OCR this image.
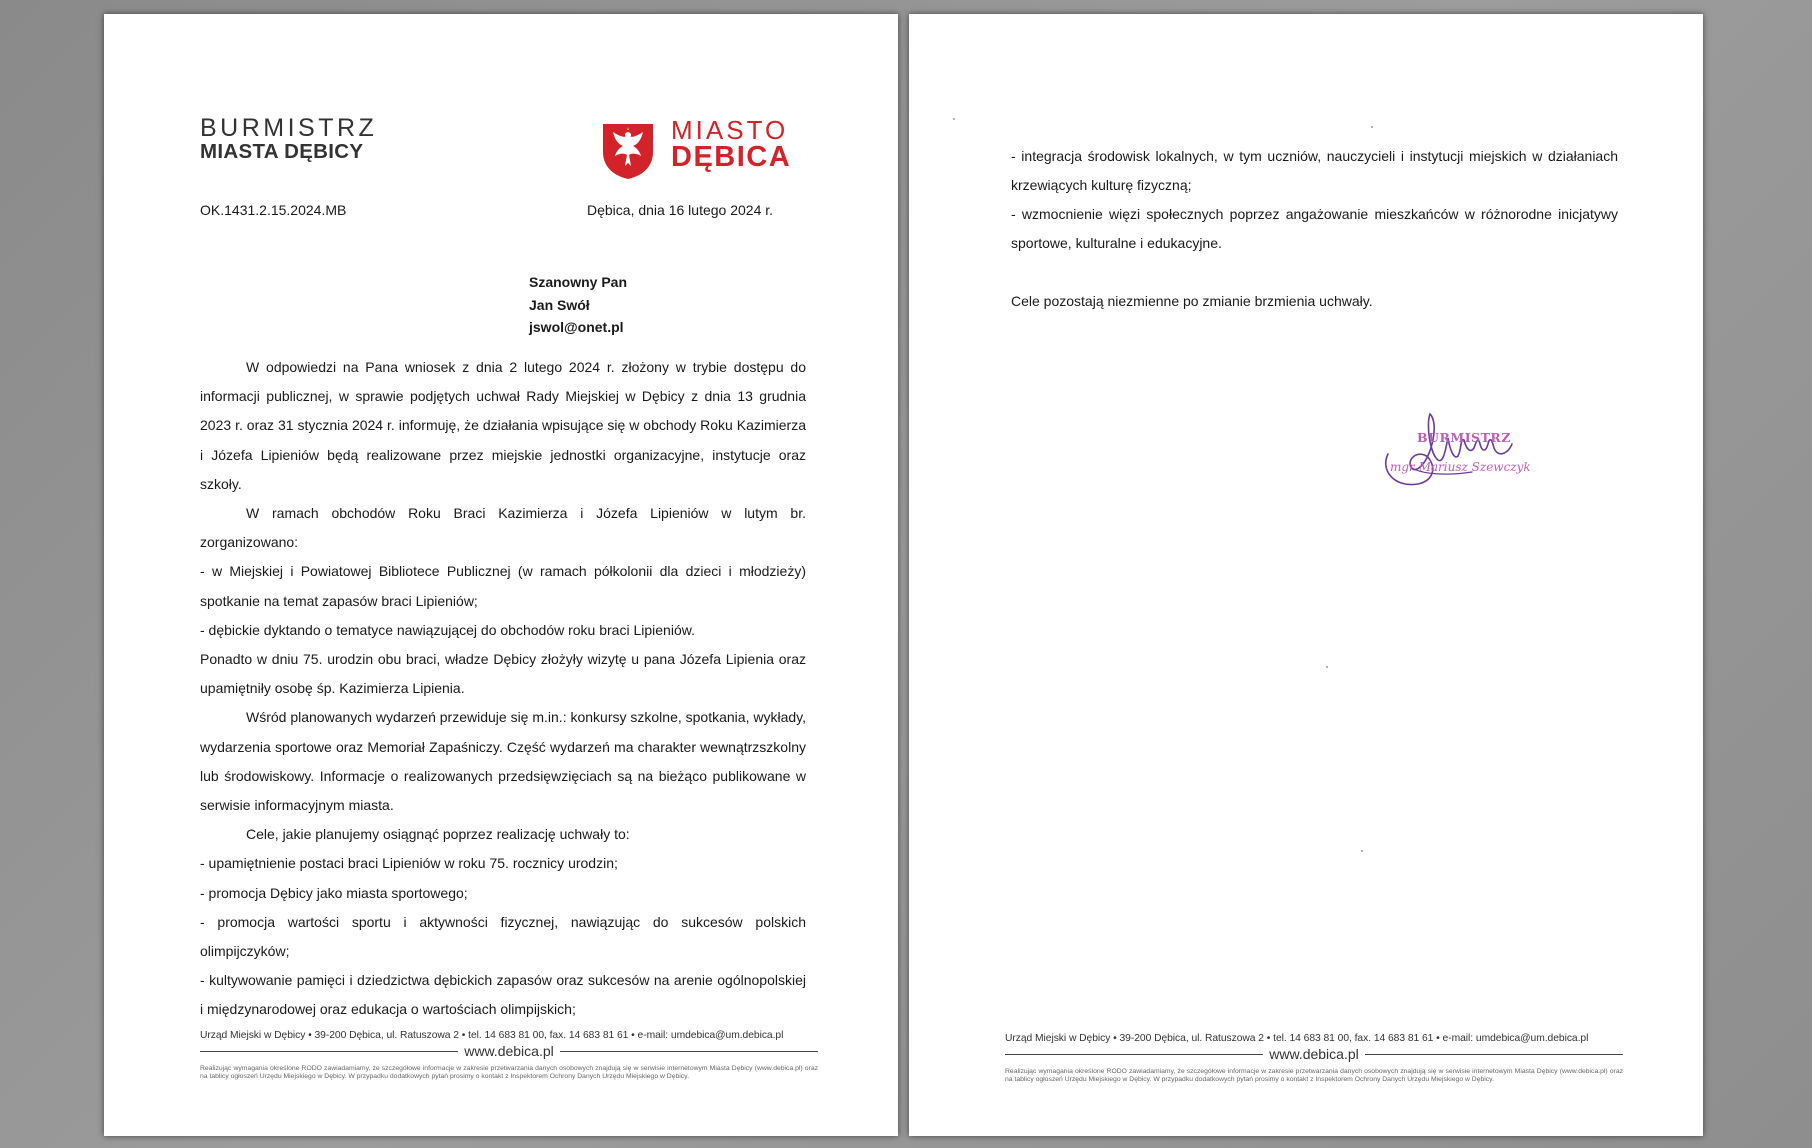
BURMISTRZ
MIASTA DĘBICY
MIASTO
DĘBICA
OK.1431.2.15.2024.MB	Dębica, dnia 16 lutego 2024 r.
Szanowny Pan
Jan Swół
jswol@onet.pl

W odpowiedzi na Pana wniosek z dnia 2 lutego 2024 r. złożony w trybie dostępu do informacji publicznej, w sprawie podjętych uchwał Rady Miejskiej w Dębicy z dnia 13 grudnia 2023 r. oraz 31 stycznia 2024 r. informuję, że działania wpisujące się w obchody Roku Kazimierza i Józefa Lipieniów będą realizowane przez miejskie jednostki organizacyjne, instytucje oraz szkoły.

W ramach obchodów Roku Braci Kazimierza i Józefa Lipieniów w lutym br. zorganizowano:

- w Miejskiej i Powiatowej Bibliotece Publicznej (w ramach półkolonii dla dzieci i młodzieży) spotkanie na temat zapasów braci Lipieniów;

- dębickie dyktando o tematyce nawiązującej do obchodów roku braci Lipieniów.

Ponadto w dniu 75. urodzin obu braci, władze Dębicy złożyły wizytę u pana Józefa Lipienia oraz upamiętniły osobę śp. Kazimierza Lipienia.

Wśród planowanych wydarzeń przewiduje się m.in.: konkursy szkolne, spotkania, wykłady, wydarzenia sportowe oraz Memoriał Zapaśniczy. Część wydarzeń ma charakter wewnątrzszkolny lub środowiskowy. Informacje o realizowanych przedsięwzięciach są na bieżąco publikowane w serwisie informacyjnym miasta.

Cele, jakie planujemy osiągnąć poprzez realizację uchwały to:

- upamiętnienie postaci braci Lipieniów w roku 75. rocznicy urodzin;

- promocja Dębicy jako miasta sportowego;

- promocja wartości sportu i aktywności fizycznej, nawiązując do sukcesów polskich olimpijczyków;

- kultywowanie pamięci i dziedzictwa dębickich zapasów oraz sukcesów na arenie ogólnopolskiej i międzynarodowej oraz edukacja o wartościach olimpijskich;

Urząd Miejski w Dębicy • 39-200 Dębica, ul. Ratuszowa 2 • tel. 14 683 81 00, fax. 14 683 81 61 • e-mail: umdebica@um.debica.pl
www.debica.pl
Realizując wymagania określone RODO zawiadamiamy, że szczegółowe informacje w zakresie przetwarzania danych osobowych znajdują się w serwisie internetowym Miasta Dębicy (www.debica.pl) oraz na tablicy ogłoszeń Urzędu Miejskiego w Dębicy. W przypadku dodatkowych pytań prosimy o kontakt z Inspektorem Ochrony Danych Urzędu Miejskiego w Dębicy.

- integracja środowisk lokalnych, w tym uczniów, nauczycieli i instytucji miejskich w działaniach krzewiących kulturę fizyczną;

- wzmocnienie więzi społecznych poprzez angażowanie mieszkańców w różnorodne inicjatywy sportowe, kulturalne i edukacyjne.

Cele pozostają niezmienne po zmianie brzmienia uchwały.

BURMISTRZ
mgr Mariusz Szewczyk
Urząd Miejski w Dębicy • 39-200 Dębica, ul. Ratuszowa 2 • tel. 14 683 81 00, fax. 14 683 81 61 • e-mail: umdebica@um.debica.pl
www.debica.pl
Realizując wymagania określone RODO zawiadamiamy, że szczegółowe informacje w zakresie przetwarzania danych osobowych znajdują się w serwisie internetowym Miasta Dębicy (www.debica.pl) oraz na tablicy ogłoszeń Urzędu Miejskiego w Dębicy. W przypadku dodatkowych pytań prosimy o kontakt z Inspektorem Ochrony Danych Urzędu Miejskiego w Dębicy.
